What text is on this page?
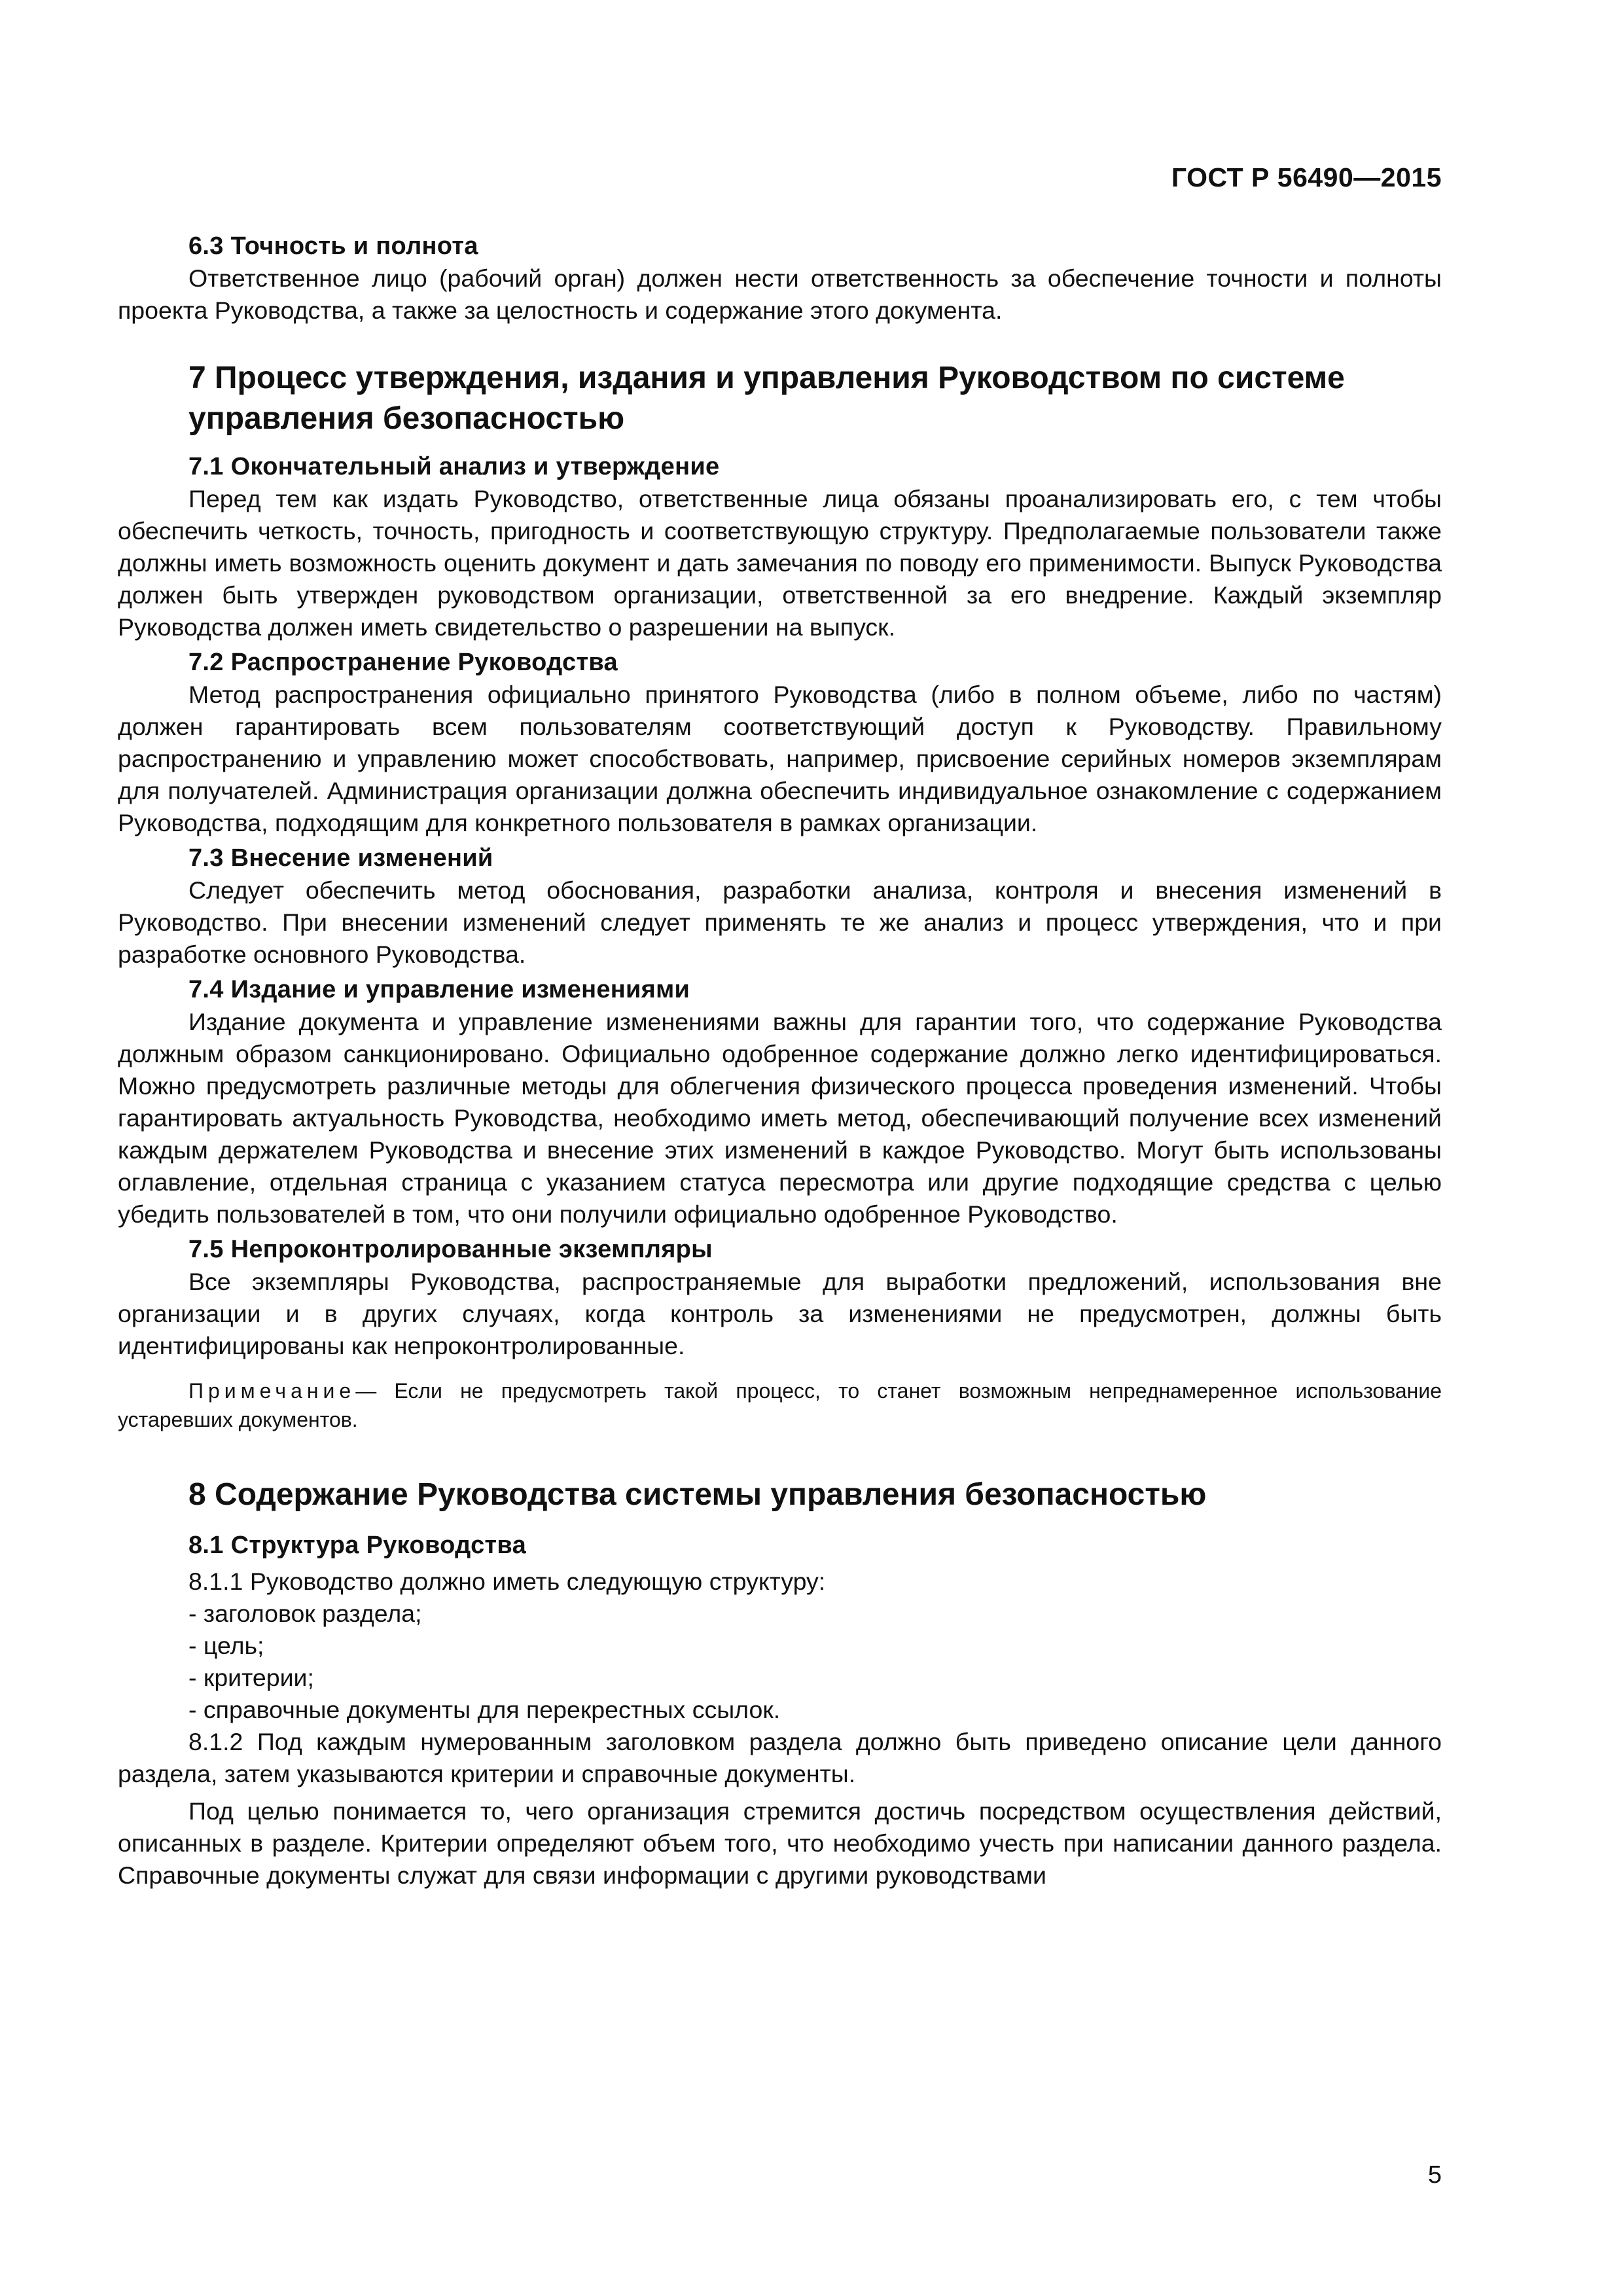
ГОСТ Р 56490—2015
6.3 Точность и полнота

Ответственное лицо (рабочий орган) должен нести ответственность за обеспечение точности и полноты проекта Руководства, а также за целостность и содержание этого документа.

7 Процесс утверждения, издания и управления Руководством по системе управления безопасностью
7.1 Окончательный анализ и утверждение

Перед тем как издать Руководство, ответственные лица обязаны проанализировать его, с тем чтобы обеспечить четкость, точность, пригодность и соответствующую структуру. Предполагаемые пользователи также должны иметь возможность оценить документ и дать замечания по поводу его применимости. Выпуск Руководства должен быть утвержден руководством организации, ответственной за его внедрение. Каждый экземпляр Руководства должен иметь свидетельство о разрешении на выпуск.

7.2 Распространение Руководства

Метод распространения официально принятого Руководства (либо в полном объеме, либо по частям) должен гарантировать всем пользователям соответствующий доступ к Руководству. Правильному распространению и управлению может способствовать, например, присвоение серийных номеров экземплярам для получателей. Администрация организации должна обеспечить индивидуальное ознакомление с содержанием Руководства, подходящим для конкретного пользователя в рамках организации.

7.3 Внесение изменений

Следует обеспечить метод обоснования, разработки анализа, контроля и внесения изменений в Руководство. При внесении изменений следует применять те же анализ и процесс утверждения, что и при разработке основного Руководства.

7.4 Издание и управление изменениями

Издание документа и управление изменениями важны для гарантии того, что содержание Руководства должным образом санкционировано. Официально одобренное содержание должно легко идентифицироваться. Можно предусмотреть различные методы для облегчения физического процесса проведения изменений. Чтобы гарантировать актуальность Руководства, необходимо иметь метод, обеспечивающий получение всех изменений каждым держателем Руководства и внесение этих изменений в каждое Руководство. Могут быть использованы оглавление, отдельная страница с указанием статуса пересмотра или другие подходящие средства с целью убедить пользователей в том, что они получили официально одобренное Руководство.

7.5 Непроконтролированные экземпляры

Все экземпляры Руководства, распространяемые для выработки предложений, использования вне организации и в других случаях, когда контроль за изменениями не предусмотрен, должны быть идентифицированы как непроконтролированные.

Примечание— Если не предусмотреть такой процесс, то станет возможным непреднамеренное использование устаревших документов.
8 Содержание Руководства системы управления безопасностью
8.1 Структура Руководства
8.1.1 Руководство должно иметь следующую структуру:
- заголовок раздела;
- цель;
- критерии;
- справочные документы для перекрестных ссылок.
8.1.2 Под каждым нумерованным заголовком раздела должно быть приведено описание цели данного раздела, затем указываются критерии и справочные документы.

Под целью понимается то, чего организация стремится достичь посредством осуществления действий, описанных в разделе. Критерии определяют объем того, что необходимо учесть при написании данного раздела. Справочные документы служат для связи информации с другими руководствами

5
